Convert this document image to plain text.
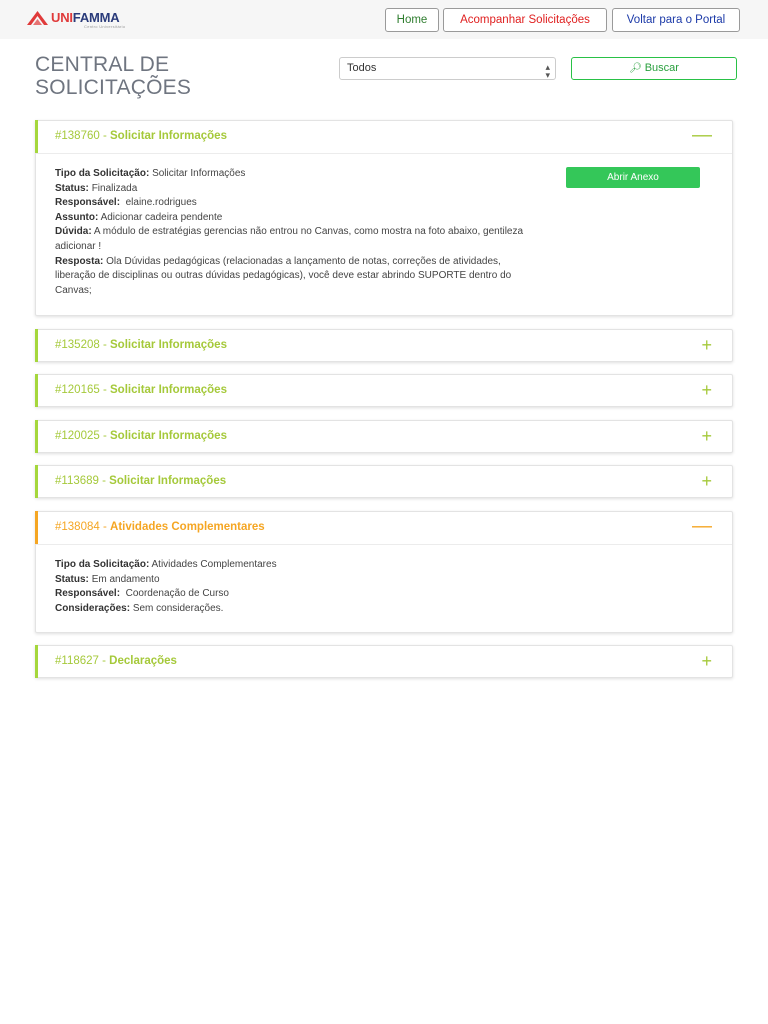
UNIFAMMA
Centro Universitário
Home	Acompanhar Solicitações	Voltar para o Portal
CENTRAL DE SOLICITAÇÕES
Todos	▴
▾
🔍︎ Buscar
#138760 - Solicitar Informações	—
Tipo da Solicitação: Solicitar Informações
Status: Finalizada
Responsável: elaine.rodrigues
Assunto: Adicionar cadeira pendente
Dúvida: A módulo de estratégias gerencias não entrou no Canvas, como mostra na foto abaixo, gentileza adicionar !
Resposta: Ola Dúvidas pedagógicas (relacionadas a lançamento de notas, correções de atividades, liberação de disciplinas ou outras dúvidas pedagógicas), você deve estar abrindo SUPORTE dentro do Canvas;
Abrir Anexo
#135208 - Solicitar Informações	+
#120165 - Solicitar Informações	+
#120025 - Solicitar Informações	+
#113689 - Solicitar Informações	+
#138084 - Atividades Complementares	—
Tipo da Solicitação: Atividades Complementares
Status: Em andamento
Responsável: Coordenação de Curso
Considerações: Sem considerações.
#118627 - Declarações	+
